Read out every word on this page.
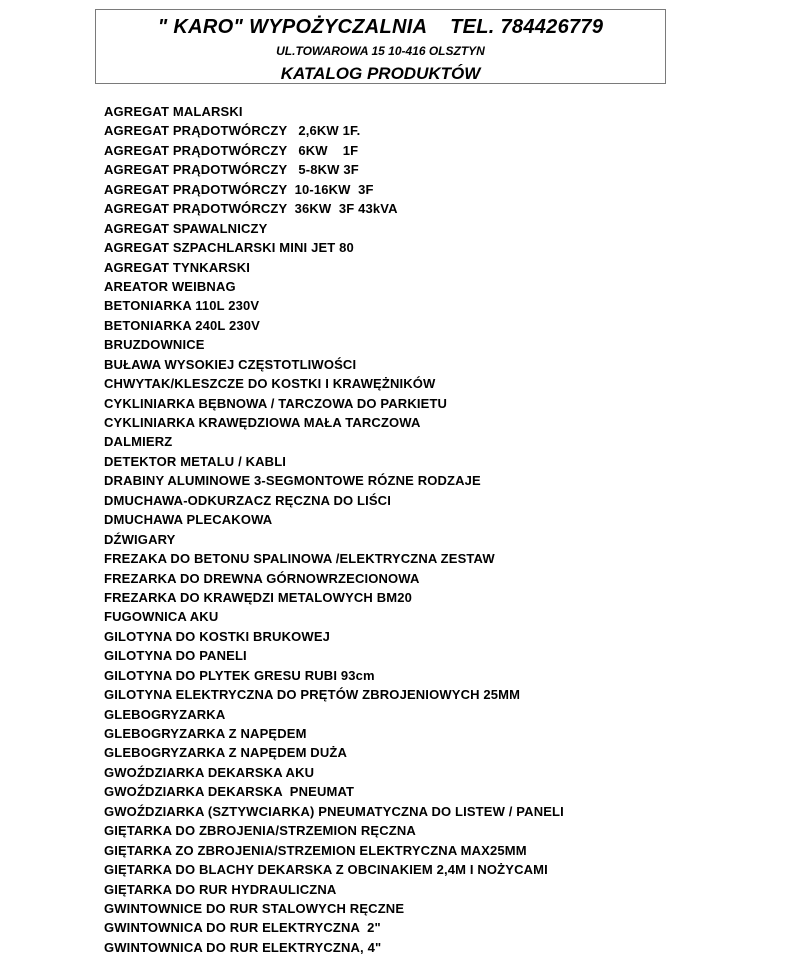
" KARO" WYPOŻYCZALNIA    TEL. 784426779
UL.TOWAROWA 15 10-416 OLSZTYN
KATALOG PRODUKTÓW
AGREGAT MALARSKI
AGREGAT PRĄDOTWÓRCZY   2,6KW 1F.
AGREGAT PRĄDOTWÓRCZY   6KW    1F
AGREGAT PRĄDOTWÓRCZY   5-8KW 3F
AGREGAT PRĄDOTWÓRCZY  10-16KW  3F
AGREGAT PRĄDOTWÓRCZY  36KW  3F 43kVA
AGREGAT SPAWALNICZY
AGREGAT SZPACHLARSKI MINI JET 80
AGREGAT TYNKARSKI
AREATOR WEIBNAG
BETONIARKA 110L 230V
BETONIARKA 240L 230V
BRUZDOWNICE
BUŁAWA WYSOKIEJ CZĘSTOTLIWOŚCI
CHWYTAK/KLESZCZE DO KOSTKI I KRAWĘŻNIKÓW
CYKLINIARKA BĘBNOWA / TARCZOWA DO PARKIETU
CYKLINIARKA KRAWĘDZIOWA MAŁA TARCZOWA
DALMIERZ
DETEKTOR METALU / KABLI
DRABINY ALUMINOWE 3-SEGMONTOWE RÓZNE RODZAJE
DMUCHAWA-ODKURZACZ RĘCZNA DO LIŚCI
DMUCHAWA PLECAKOWA
DŹWIGARY
FREZAKA DO BETONU SPALINOWA /ELEKTRYCZNA ZESTAW
FREZARKA DO DREWNA GÓRNOWRZECIONOWA
FREZARKA DO KRAWĘDZI METALOWYCH BM20
FUGOWNICA AKU
GILOTYNA DO KOSTKI BRUKOWEJ
GILOTYNA DO PANELI
GILOTYNA DO PLYTEK GRESU RUBI 93cm
GILOTYNA ELEKTRYCZNA DO PRĘTÓW ZBROJENIOWYCH 25MM
GLEBOGRYZARKA
GLEBOGRYZARKA Z NAPĘDEM
GLEBOGRYZARKA Z NAPĘDEM DUŻA
GWOŹDZIARKA DEKARSKA AKU
GWOŹDZIARKA DEKARSKA  PNEUMAT
GWOŹDZIARKA (SZTYWCIARKA) PNEUMATYCZNA DO LISTEW / PANELI
GIĘTARKA DO ZBROJENIA/STRZEMION RĘCZNA
GIĘTARKA ZO ZBROJENIA/STRZEMION ELEKTRYCZNA MAX25MM
GIĘTARKA DO BLACHY DEKARSKA Z OBCINAKIEM 2,4M I NOŻYCAMI
GIĘTARKA DO RUR HYDRAULICZNA
GWINTOWNICE DO RUR STALOWYCH RĘCZNE
GWINTOWNICA DO RUR ELEKTRYCZNA  2"
GWINTOWNICA DO RUR ELEKTRYCZNA, 4"
